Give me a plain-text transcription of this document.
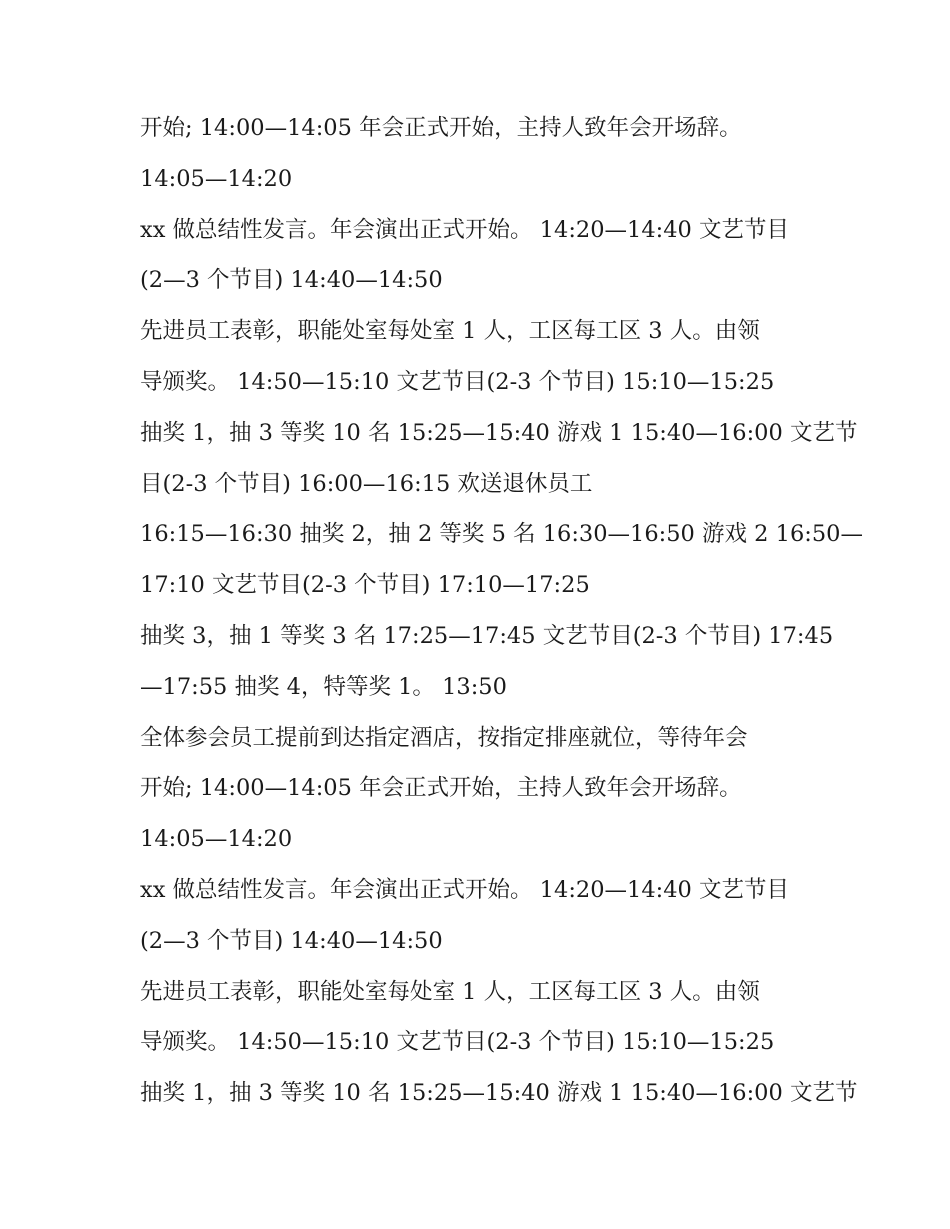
开始; 14:00—14:05 年会正式开始，主持人致年会开场辞。
14:05—14:20
xx 做总结性发言。年会演出正式开始。 14:20—14:40 文艺节目
(2—3 个节目) 14:40—14:50
先进员工表彰，职能处室每处室 1 人，工区每工区 3 人。由领
导颁奖。 14:50—15:10 文艺节目(2-3 个节目) 15:10—15:25
抽奖 1，抽 3 等奖 10 名 15:25—15:40 游戏 1 15:40—16:00 文艺节
目(2-3 个节目) 16:00—16:15 欢送退休员工
16:15—16:30 抽奖 2，抽 2 等奖 5 名 16:30—16:50 游戏 2 16:50—
17:10 文艺节目(2-3 个节目) 17:10—17:25
抽奖 3，抽 1 等奖 3 名 17:25—17:45 文艺节目(2-3 个节目) 17:45
—17:55 抽奖 4，特等奖 1。 13:50
全体参会员工提前到达指定酒店，按指定排座就位，等待年会
开始; 14:00—14:05 年会正式开始，主持人致年会开场辞。
14:05—14:20
xx 做总结性发言。年会演出正式开始。 14:20—14:40 文艺节目
(2—3 个节目) 14:40—14:50
先进员工表彰，职能处室每处室 1 人，工区每工区 3 人。由领
导颁奖。 14:50—15:10 文艺节目(2-3 个节目) 15:10—15:25
抽奖 1，抽 3 等奖 10 名 15:25—15:40 游戏 1 15:40—16:00 文艺节
